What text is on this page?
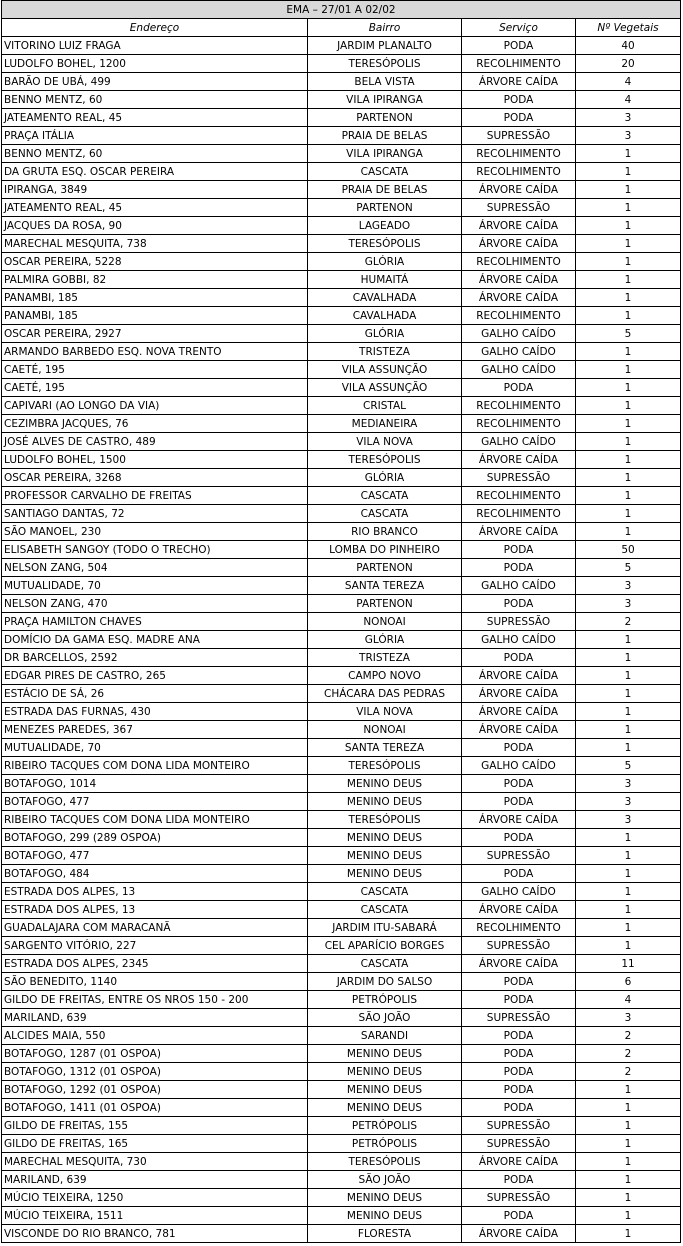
EMA – 27/01 A 02/02			
Endereço	Bairro	Serviço	Nº Vegetais
VITORINO LUIZ FRAGA	JARDIM PLANALTO	PODA	40
LUDOLFO BOHEL, 1200	TERESÓPOLIS	RECOLHIMENTO	20
BARÃO DE UBÁ, 499	BELA VISTA	ÁRVORE CAÍDA	4
BENNO MENTZ, 60	VILA IPIRANGA	PODA	4
JATEAMENTO REAL, 45	PARTENON	PODA	3
PRAÇA ITÁLIA	PRAIA DE BELAS	SUPRESSÃO	3
BENNO MENTZ, 60	VILA IPIRANGA	RECOLHIMENTO	1
DA GRUTA ESQ. OSCAR PEREIRA	CASCATA	RECOLHIMENTO	1
IPIRANGA, 3849	PRAIA DE BELAS	ÁRVORE CAÍDA	1
JATEAMENTO REAL, 45	PARTENON	SUPRESSÃO	1
JACQUES DA ROSA, 90	LAGEADO	ÁRVORE CAÍDA	1
MARECHAL MESQUITA, 738	TERESÓPOLIS	ÁRVORE CAÍDA	1
OSCAR PEREIRA, 5228	GLÓRIA	RECOLHIMENTO	1
PALMIRA GOBBI, 82	HUMAITÁ	ÁRVORE CAÍDA	1
PANAMBI, 185	CAVALHADA	ÁRVORE CAÍDA	1
PANAMBI, 185	CAVALHADA	RECOLHIMENTO	1
OSCAR PEREIRA, 2927	GLÓRIA	GALHO CAÍDO	5
ARMANDO BARBEDO ESQ. NOVA TRENTO	TRISTEZA	GALHO CAÍDO	1
CAETÉ, 195	VILA ASSUNÇÃO	GALHO CAÍDO	1
CAETÉ, 195	VILA ASSUNÇÃO	PODA	1
CAPIVARI (AO LONGO DA VIA)	CRISTAL	RECOLHIMENTO	1
CEZIMBRA JACQUES, 76	MEDIANEIRA	RECOLHIMENTO	1
JOSÉ ALVES DE CASTRO, 489	VILA NOVA	GALHO CAÍDO	1
LUDOLFO BOHEL, 1500	TERESÓPOLIS	ÁRVORE CAÍDA	1
OSCAR PEREIRA, 3268	GLÓRIA	SUPRESSÃO	1
PROFESSOR CARVALHO DE FREITAS	CASCATA	RECOLHIMENTO	1
SANTIAGO DANTAS, 72	CASCATA	RECOLHIMENTO	1
SÃO MANOEL, 230	RIO BRANCO	ÁRVORE CAÍDA	1
ELISABETH SANGOY (TODO O TRECHO)	LOMBA DO PINHEIRO	PODA	50
NELSON ZANG, 504	PARTENON	PODA	5
MUTUALIDADE, 70	SANTA TEREZA	GALHO CAÍDO	3
NELSON ZANG, 470	PARTENON	PODA	3
PRAÇA HAMILTON CHAVES	NONOAI	SUPRESSÃO	2
DOMÍCIO DA GAMA ESQ. MADRE ANA	GLÓRIA	GALHO CAÍDO	1
DR BARCELLOS, 2592	TRISTEZA	PODA	1
EDGAR PIRES DE CASTRO, 265	CAMPO NOVO	ÁRVORE CAÍDA	1
ESTÁCIO DE SÁ, 26	CHÁCARA DAS PEDRAS	ÁRVORE CAÍDA	1
ESTRADA DAS FURNAS, 430	VILA NOVA	ÁRVORE CAÍDA	1
MENEZES PAREDES, 367	NONOAI	ÁRVORE CAÍDA	1
MUTUALIDADE, 70	SANTA TEREZA	PODA	1
RIBEIRO TACQUES COM DONA LIDA MONTEIRO	TERESÓPOLIS	GALHO CAÍDO	5
BOTAFOGO, 1014	MENINO DEUS	PODA	3
BOTAFOGO, 477	MENINO DEUS	PODA	3
RIBEIRO TACQUES COM DONA LIDA MONTEIRO	TERESÓPOLIS	ÁRVORE CAÍDA	3
BOTAFOGO, 299 (289 OSPOA)	MENINO DEUS	PODA	1
BOTAFOGO, 477	MENINO DEUS	SUPRESSÃO	1
BOTAFOGO, 484	MENINO DEUS	PODA	1
ESTRADA DOS ALPES, 13	CASCATA	GALHO CAÍDO	1
ESTRADA DOS ALPES, 13	CASCATA	ÁRVORE CAÍDA	1
GUADALAJARA COM MARACANÃ	JARDIM ITU-SABARÁ	RECOLHIMENTO	1
SARGENTO VITÓRIO, 227	CEL APARÍCIO BORGES	SUPRESSÃO	1
ESTRADA DOS ALPES, 2345	CASCATA	ÁRVORE CAÍDA	11
SÃO BENEDITO, 1140	JARDIM DO SALSO	PODA	6
GILDO DE FREITAS, ENTRE OS NROS 150 - 200	PETRÓPOLIS	PODA	4
MARILAND, 639	SÃO JOÃO	SUPRESSÃO	3
ALCIDES MAIA, 550	SARANDI	PODA	2
BOTAFOGO, 1287 (01 OSPOA)	MENINO DEUS	PODA	2
BOTAFOGO, 1312 (01 OSPOA)	MENINO DEUS	PODA	2
BOTAFOGO, 1292 (01 OSPOA)	MENINO DEUS	PODA	1
BOTAFOGO, 1411 (01 OSPOA)	MENINO DEUS	PODA	1
GILDO DE FREITAS, 155	PETRÓPOLIS	SUPRESSÃO	1
GILDO DE FREITAS, 165	PETRÓPOLIS	SUPRESSÃO	1
MARECHAL MESQUITA, 730	TERESÓPOLIS	ÁRVORE CAÍDA	1
MARILAND, 639	SÃO JOÃO	PODA	1
MÚCIO TEIXEIRA, 1250	MENINO DEUS	SUPRESSÃO	1
MÚCIO TEIXEIRA, 1511	MENINO DEUS	PODA	1
VISCONDE DO RIO BRANCO, 781	FLORESTA	ÁRVORE CAÍDA	1
